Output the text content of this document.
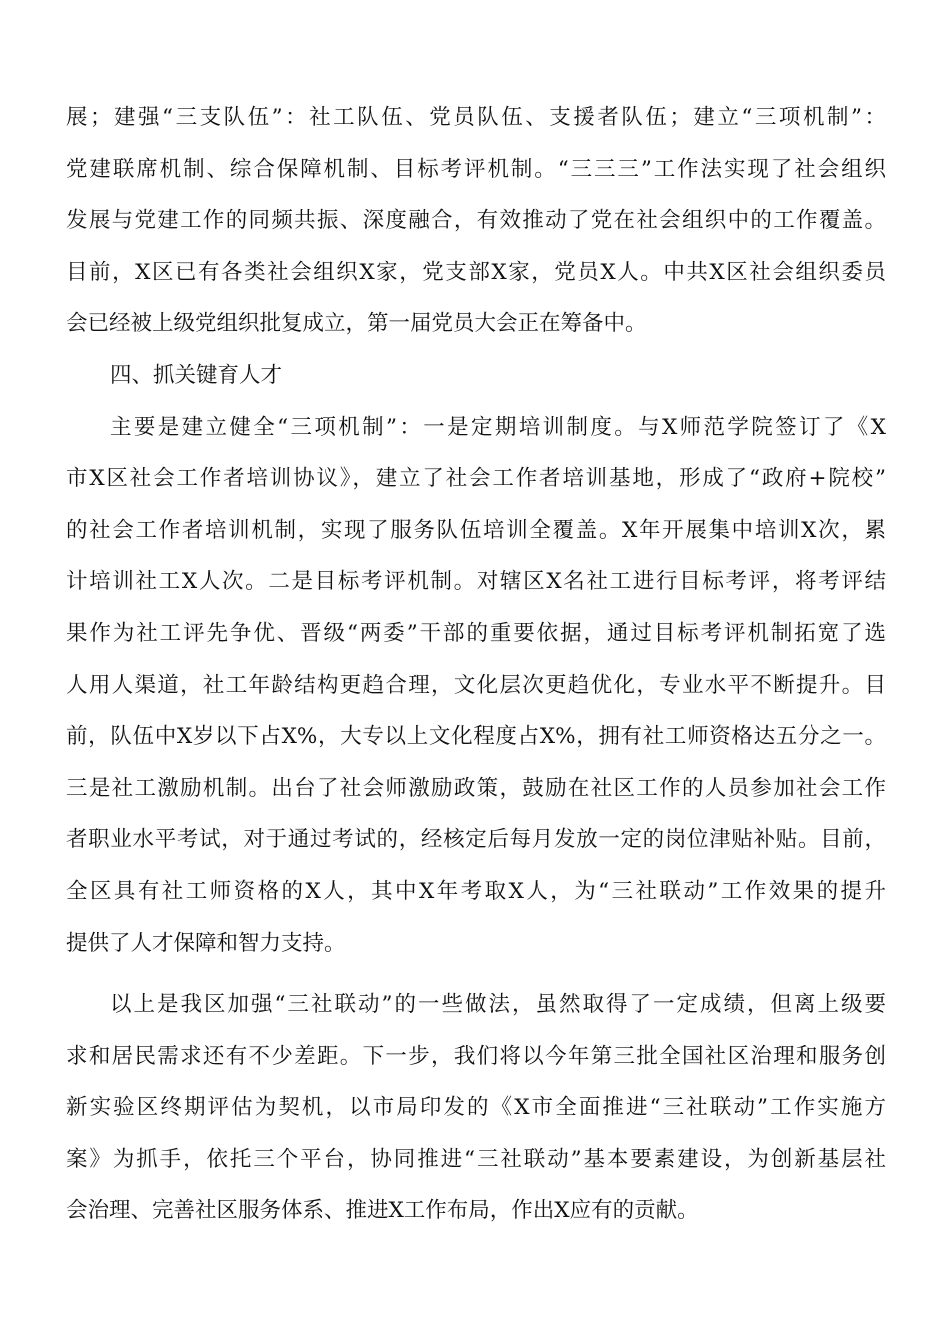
展；建强“三支队伍”：社工队伍、党员队伍、支援者队伍；建立“三项机制”：
党建联席机制、综合保障机制、目标考评机制。“三三三”工作法实现了社会组织
发展与党建工作的同频共振、深度融合，有效推动了党在社会组织中的工作覆盖。
目前，X区已有各类社会组织X家，党支部X家，党员X人。中共X区社会组织委员
会已经被上级党组织批复成立，第一届党员大会正在筹备中。
四、抓关键育人才
主要是建立健全“三项机制”：一是定期培训制度。与X师范学院签订了《X
市X区社会工作者培训协议》，建立了社会工作者培训基地，形成了“政府+院校”
的社会工作者培训机制，实现了服务队伍培训全覆盖。X年开展集中培训X次，累
计培训社工X人次。二是目标考评机制。对辖区X名社工进行目标考评，将考评结
果作为社工评先争优、晋级“两委”干部的重要依据，通过目标考评机制拓宽了选
人用人渠道，社工年龄结构更趋合理，文化层次更趋优化，专业水平不断提升。目
前，队伍中X岁以下占X%，大专以上文化程度占X%，拥有社工师资格达五分之一。
三是社工激励机制。出台了社会师激励政策，鼓励在社区工作的人员参加社会工作
者职业水平考试，对于通过考试的，经核定后每月发放一定的岗位津贴补贴。目前，
全区具有社工师资格的X人，其中X年考取X人，为“三社联动”工作效果的提升
提供了人才保障和智力支持。
以上是我区加强“三社联动”的一些做法，虽然取得了一定成绩，但离上级要
求和居民需求还有不少差距。下一步，我们将以今年第三批全国社区治理和服务创
新实验区终期评估为契机，以市局印发的《X市全面推进“三社联动”工作实施方
案》为抓手，依托三个平台，协同推进“三社联动”基本要素建设，为创新基层社
会治理、完善社区服务体系、推进X工作布局，作出X应有的贡献。
